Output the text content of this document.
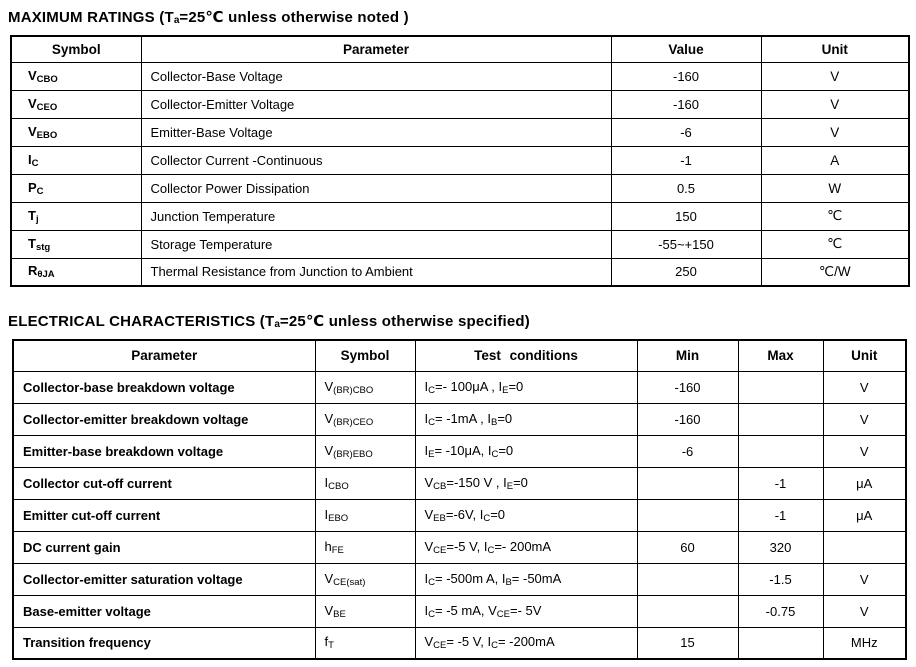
MAXIMUM RATINGS ($T_a=25℃$ unless otherwise noted )
Symbol	Parameter	Value	Unit
$V_{CBO}$	Collector-Base Voltage	-160	V
$V_{CEO}$	Collector-Emitter Voltage	-160	V
$V_{EBO}$	Emitter-Base Voltage	-6	V
$I_C$	Collector Current -Continuous	-1	A
$P_C$	Collector Power Dissipation	0.5	W
$T_j$	Junction Temperature	150	℃
$T_{stg}$	Storage Temperature	-55~+150	℃
$R_{\theta JA}$	Thermal Resistance from Junction to Ambient	250	℃/W
ELECTRICAL CHARACTERISTICS ($T_a=25℃$ unless otherwise specified)
Parameter	Symbol	Test conditions	Min	Max	Unit
Collector-base breakdown voltage	$V_{(BR)CBO}$	$I_C=-$ 100μA , $I_E=0$	-160		V
Collector-emitter breakdown voltage	$V_{(BR)CEO}$	$I_C= -1mA$ , $I_B=0$	-160		V
Emitter-base breakdown voltage	$V_{(BR)EBO}$	$I_E= -10\mu A$, $I_C=0$	-6		V
Collector cut-off current	$I_{CBO}$	$V_{CB}=-150$ V , $I_E=0$		-1	μA
Emitter cut-off current	$I_{EBO}$	$V_{EB}=-6V$, $I_C=0$		-1	μA
DC current gain	$h_{FE}$	$V_{CE}=-5$ V, $I_C=-$ 200mA	60	320	
Collector-emitter saturation voltage	$V_{CE(sat)}$	$I_C= -500m$ A, $I_B= -50mA$		-1.5	V
Base-emitter voltage	$V_{BE}$	$I_C= -5$ mA, $V_{CE}=-$ 5V		-0.75	V
Transition frequency	$f_T$	$V_{CE}= -5$ V, $I_C= -200mA$	15		MHz
